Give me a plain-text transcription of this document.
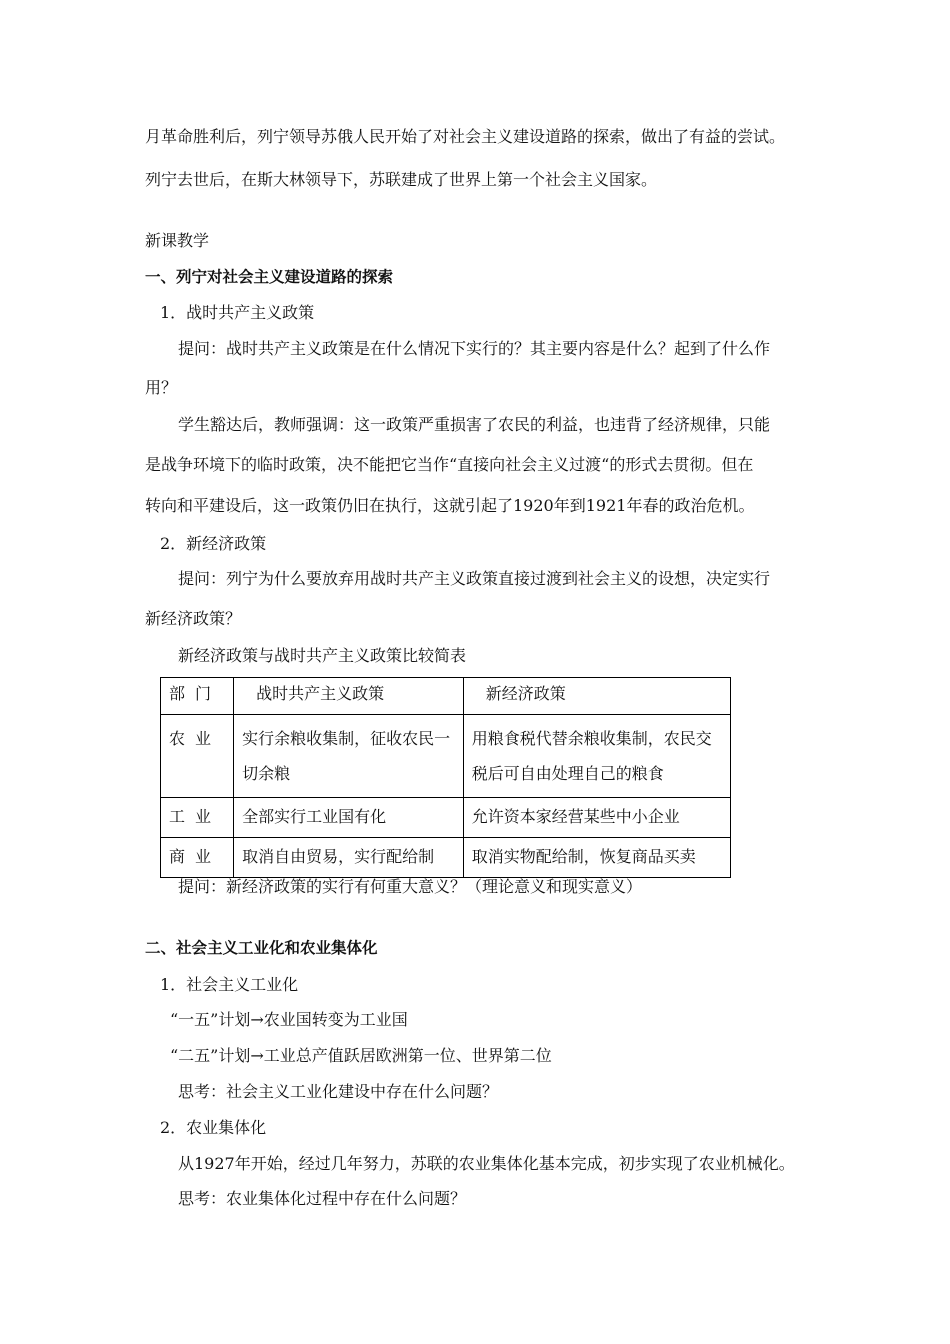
月革命胜利后，列宁领导苏俄人民开始了对社会主义建设道路的探索，做出了有益的尝试。
列宁去世后，在斯大林领导下，苏联建成了世界上第一个社会主义国家。
新课教学
一、列宁对社会主义建设道路的探索
1．战时共产主义政策
提问：战时共产主义政策是在什么情况下实行的？其主要内容是什么？起到了什么作
用？
学生豁达后，教师强调：这一政策严重损害了农民的利益，也违背了经济规律，只能
是战争环境下的临时政策，决不能把它当作“直接向社会主义过渡“的形式去贯彻。但在
转向和平建设后，这一政策仍旧在执行，这就引起了1920年到1921年春的政治危机。
2．新经济政策
提问：列宁为什么要放弃用战时共产主义政策直接过渡到社会主义的设想，决定实行
新经济政策？
新经济政策与战时共产主义政策比较简表
部门	战时共产主义政策	新经济政策
农业	实行余粮收集制，征收农民一切余粮	用粮食税代替余粮收集制，农民交税后可自由处理自己的粮食
工业	全部实行工业国有化	允许资本家经营某些中小企业
商业	取消自由贸易，实行配给制	取消实物配给制，恢复商品买卖
提问：新经济政策的实行有何重大意义？（理论意义和现实意义）
二、社会主义工业化和农业集体化
1．社会主义工业化
“一五”计划→农业国转变为工业国
“二五”计划→工业总产值跃居欧洲第一位、世界第二位
思考：社会主义工业化建设中存在什么问题？
2．农业集体化
从1927年开始，经过几年努力，苏联的农业集体化基本完成，初步实现了农业机械化。
思考：农业集体化过程中存在什么问题？
